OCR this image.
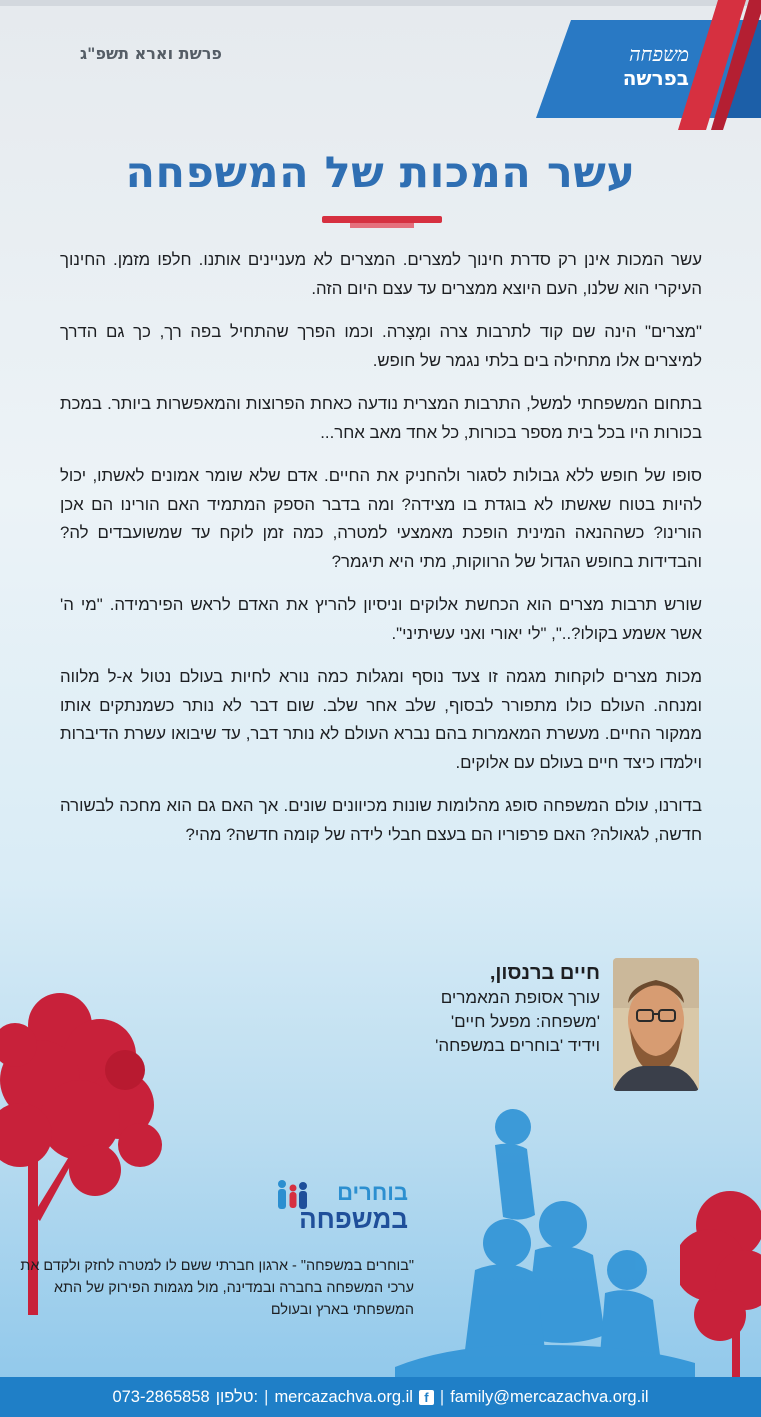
משפחה
בפרשה
פרשת וארא תשפ"ג
עשר המכות של המשפחה

עשר המכות אינן רק סדרת חינוך למצרים. המצרים לא מעניינים אותנו. חלפו מזמן. החינוך העיקרי הוא שלנו, העם היוצא ממצרים עד עצם היום הזה.

"מצרים" הינה שם קוד לתרבות צרה ומְצָרה. וכמו הפרך שהתחיל בפה רך, כך גם הדרך למיצרים אלו מתחילה בים בלתי נגמר של חופש.

בתחום המשפחתי למשל, התרבות המצרית נודעה כאחת הפרוצות והמאפשרות ביותר. במכת בכורות היו בכל בית מספר בכורות, כל אחד מאב אחר...

סופו של חופש ללא גבולות לסגור ולהחניק את החיים. אדם שלא שומר אמונים לאשתו, יכול להיות בטוח שאשתו לא בוגדת בו מצידה? ומה בדבר הספק המתמיד האם הורינו הם אכן הורינו? כשההנאה המינית הופכת מאמצעי למטרה, כמה זמן לוקח עד שמשועבדים לה? והבדידות בחופש הגדול של הרווקות, מתי היא תיגמר?

שורש תרבות מצרים הוא הכחשת אלוקים וניסיון להריץ את האדם לראש הפירמידה. "מי ה' אשר אשמע בקולו?..", "לי יאורי ואני עשיתיני".

מכות מצרים לוקחות מגמה זו צעד נוסף ומגלות כמה נורא לחיות בעולם נטול א-ל מלווה ומנחה. העולם כולו מתפורר לבסוף, שלב אחר שלב. שום דבר לא נותר כשמנתקים אותו ממקור החיים. מעשרת המאמרות בהם נברא העולם לא נותר דבר, עד שיבואו עשרת הדיברות וילמדו כיצד חיים בעולם עם אלוקים.

בדורנו, עולם המשפחה סופג מהלומות שונות מכיוונים שונים. אך האם גם הוא מחכה לבשורה חדשה, לגאולה? האם פרפוריו הם בעצם חבלי לידה של קומה חדשה? מהי?

חיים ברנסון,
עורך אסופת המאמרים
'משפחה: מפעל חיים'
וידיד 'בוחרים במשפחה'
בוחרים
במשפחה
"בוחרים במשפחה" - ארגון חברתי ששם לו למטרה לחזק ולקדם את ערכי המשפחה בחברה ובמדינה, מול מגמות הפירוק של התא המשפחתי בארץ ובעולם
073-2865858 טלפון: | mercazachva.org.il f | family@mercazachva.org.il
